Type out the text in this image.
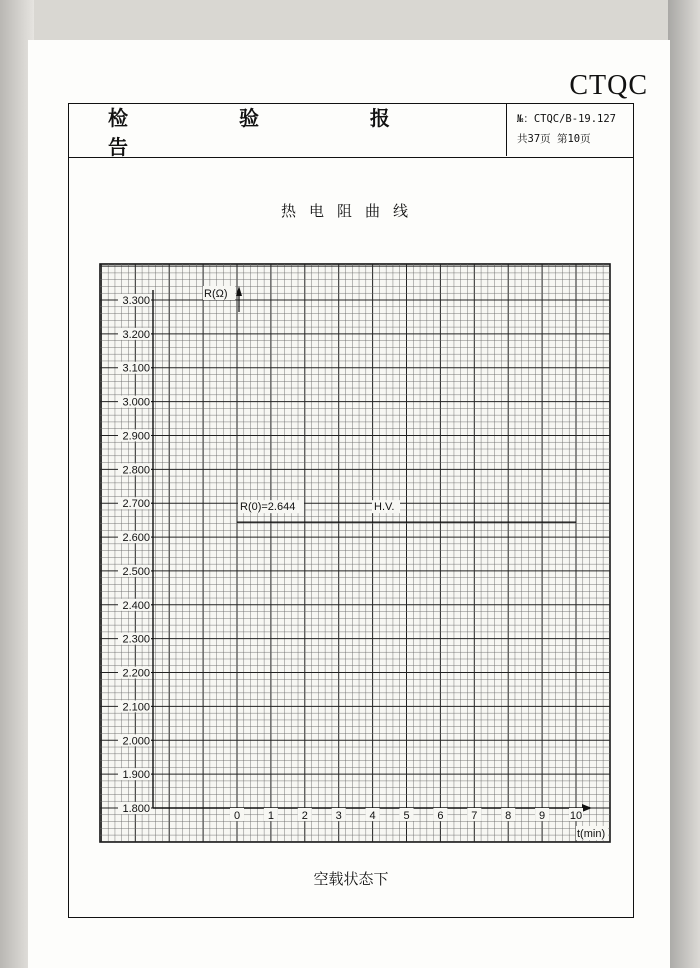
CTQC
检 验 报 告
№：CTQC/B-19.127
共37页 第10页
热电阻曲线
1.800
1.900
2.000
2.100
2.200
2.300
2.400
2.500
2.600
2.700
2.800
2.900
3.000
3.100
3.200
3.300
R(Ω)
0	1	2	3	4	5	6	7	8	9 10
t(min)
R(0)=2.644	H.V.
空载状态下
